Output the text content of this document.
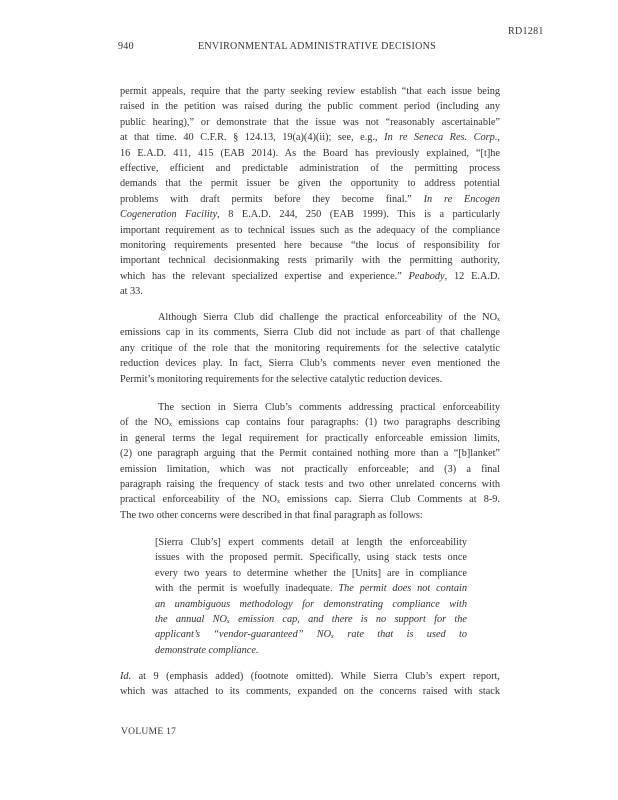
RD1281
940	ENVIRONMENTAL ADMINISTRATIVE DECISIONS
permit appeals, require that the party seeking review establish “that each issue being
raised in the petition was raised during the public comment period (including any
public hearing),” or demonstrate that the issue was not “reasonably ascertainable”
at that time. 40 C.F.R. § 124.13, 19(a)(4)(ii); see, e.g., In re Seneca Res. Corp.,
16 E.A.D. 411, 415 (EAB 2014). As the Board has previously explained, “[t]he
effective, efficient and predictable administration of the permitting process
demands that the permit issuer be given the opportunity to address potential
problems with draft permits before they become final.” In re Encogen
Cogeneration Facility, 8 E.A.D. 244, 250 (EAB 1999). This is a particularly
important requirement as to technical issues such as the adequacy of the compliance
monitoring requirements presented here because “the locus of responsibility for
important technical decisionmaking rests primarily with the permitting authority,
which has the relevant specialized expertise and experience.” Peabody, 12 E.A.D.
at 33.
Although Sierra Club did challenge the practical enforceability of the NOₓ
emissions cap in its comments, Sierra Club did not include as part of that challenge
any critique of the role that the monitoring requirements for the selective catalytic
reduction devices play. In fact, Sierra Club’s comments never even mentioned the
Permit’s monitoring requirements for the selective catalytic reduction devices.
The section in Sierra Club’s comments addressing practical enforceability
of the NOₓ emissions cap contains four paragraphs: (1) two paragraphs describing
in general terms the legal requirement for practically enforceable emission limits,
(2) one paragraph arguing that the Permit contained nothing more than a “[b]lanket”
emission limitation, which was not practically enforceable; and (3) a final
paragraph raising the frequency of stack tests and two other unrelated concerns with
practical enforceability of the NOₓ emissions cap. Sierra Club Comments at 8-9.
The two other concerns were described in that final paragraph as follows:
[Sierra Club’s] expert comments detail at length the enforceability
issues with the proposed permit. Specifically, using stack tests once
every two years to determine whether the [Units] are in compliance
with the permit is woefully inadequate. The permit does not contain
an unambiguous methodology for demonstrating compliance with
the annual NOₓ emission cap, and there is no support for the
applicant’s “vendor-guaranteed” NOₓ rate that is used to
demonstrate compliance.
Id. at 9 (emphasis added) (footnote omitted). While Sierra Club’s expert report,
which was attached to its comments, expanded on the concerns raised with stack
VOLUME 17
